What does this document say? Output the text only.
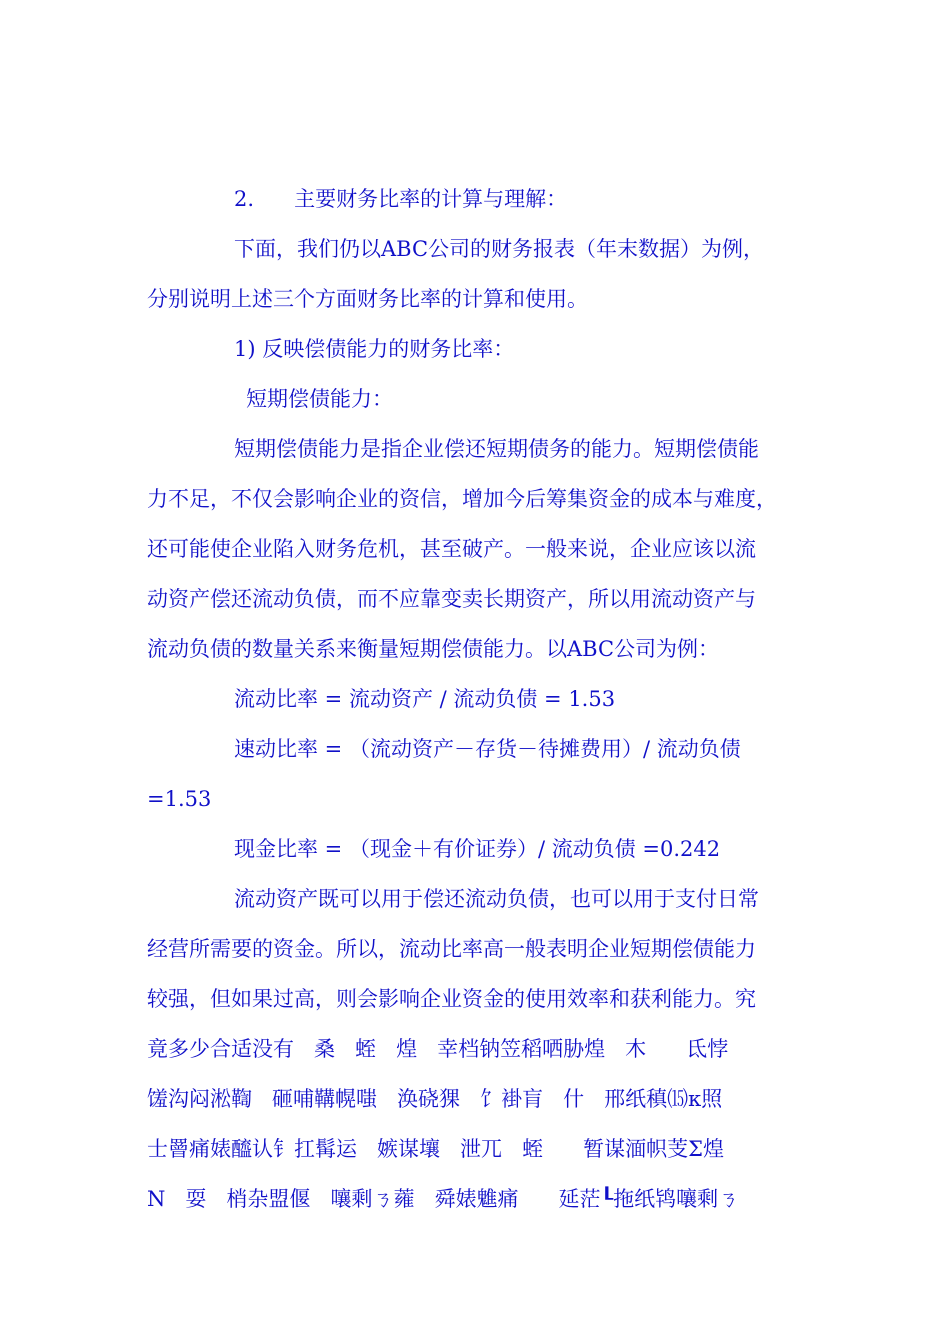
2.      主要财务比率的计算与理解：
下面，我们仍以ABC公司的财务报表（年末数据）为例，
分别说明上述三个方面财务比率的计算和使用。
1) 反映偿债能力的财务比率：
短期偿债能力：
短期偿债能力是指企业偿还短期债务的能力。短期偿债能
力不足，不仅会影响企业的资信，增加今后筹集资金的成本与难度，
还可能使企业陷入财务危机，甚至破产。一般来说，企业应该以流
动资产偿还流动负债，而不应靠变卖长期资产，所以用流动资产与
流动负债的数量关系来衡量短期偿债能力。以ABC公司为例：
流动比率 = 流动资产 / 流动负债 = 1.53
速动比率 = （流动资产－存货－待摊费用）/ 流动负债
=1.53
现金比率 = （现金＋有价证券）/ 流动负债 =0.242
流动资产既可以用于偿还流动负债，也可以用于支付日常
经营所需要的资金。所以，流动比率高一般表明企业短期偿债能力
较强，但如果过高，则会影响企业资金的使用效率和获利能力。究
竟多少合适没有   桑   蛭   煌   幸档钠笠稻哂胁煌   木      氐悖
馐沟闷淞鞫   砸哺鞲幌嗤   涣硗猓   饣褂肓   什   邢纸稹⒂κ照
士罾痛婊醯认钅扛髯运   嫉谋壤   泄兀   蛭      暂谋湎帜芰Σ煌
Ν   耍   梢杂盟偃   嚷剩ㄋ蕹   舜婊魋痛      延茫┖拖纸鸨嚷剩ㄋ
